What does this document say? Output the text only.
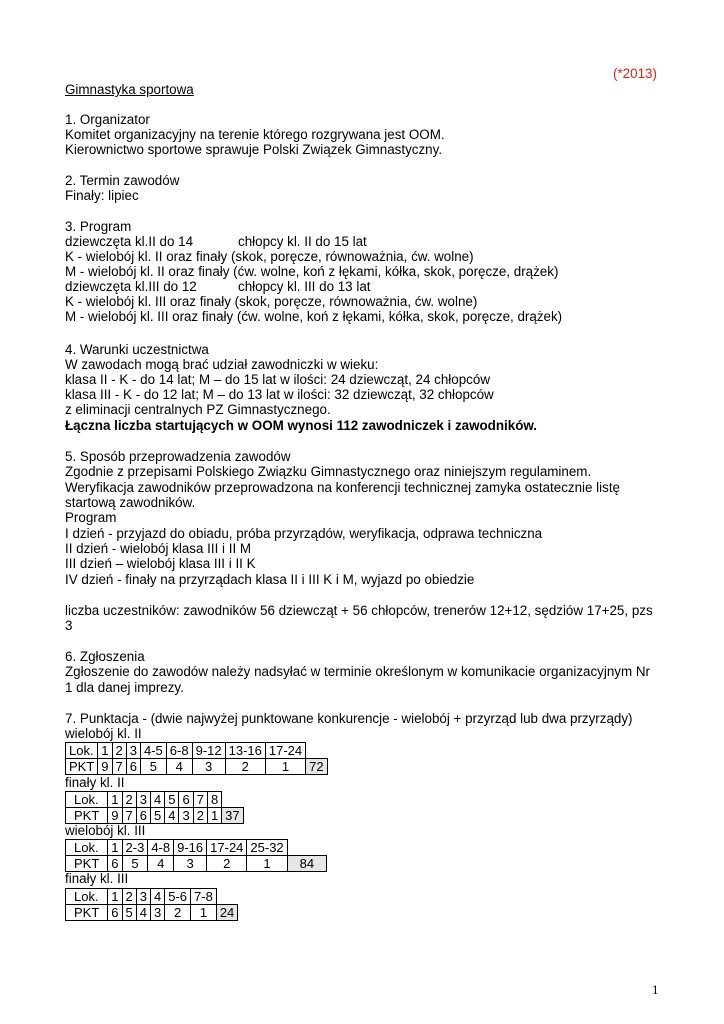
(*2013)
Gimnastyka sportowa
1. Organizator
Komitet organizacyjny na terenie którego rozgrywana jest OOM.
Kierownictwo sportowe sprawuje Polski Związek Gimnastyczny.
2. Termin zawodów
Finały: lipiec
3. Program
dziewczęta kl.II do 14	chłopcy kl. II do 15 lat
K - wielobój kl. II oraz finały (skok, poręcze, równoważnia, ćw. wolne)
M - wielobój kl. II oraz finały (ćw. wolne, koń z łękami, kółka, skok, poręcze, drążek)
dziewczęta kl.III do 12	chłopcy kl. III do 13 lat
K - wielobój kl. III oraz finały (skok, poręcze, równoważnia, ćw. wolne)
M - wielobój kl. III oraz finały (ćw. wolne, koń z łękami, kółka, skok, poręcze, drążek)
4. Warunki uczestnictwa
W zawodach mogą brać udział zawodniczki w wieku:
klasa II - K - do 14 lat; M – do 15 lat w ilości: 24 dziewcząt, 24 chłopców
klasa III - K - do 12 lat; M – do 13 lat w ilości: 32 dziewcząt, 32 chłopców
z eliminacji centralnych PZ Gimnastycznego.
Łączna liczba startujących w OOM wynosi 112 zawodniczek i zawodników.
5. Sposób przeprowadzenia zawodów
Zgodnie z przepisami Polskiego Związku Gimnastycznego oraz niniejszym regulaminem.
Weryfikacja zawodników przeprowadzona na konferencji technicznej zamyka ostatecznie listę
startową zawodników.
Program
I dzień - przyjazd do obiadu, próba przyrządów, weryfikacja, odprawa techniczna
II dzień - wielobój klasa III i II M
III dzień – wielobój klasa III i II K
IV dzień - finały na przyrządach klasa II i III K i M, wyjazd po obiedzie
liczba uczestników: zawodników 56 dziewcząt + 56 chłopców, trenerów 12+12, sędziów 17+25, pzs
3
6. Zgłoszenia
Zgłoszenie do zawodów należy nadsyłać w terminie określonym w komunikacie organizacyjnym Nr
1 dla danej imprezy.
7. Punktacja - (dwie najwyżej punktowane konkurencje - wielobój + przyrząd lub dwa przyrządy)
wielobój kl. II
Lok.	1	2	3	4-5	6-8	9-12	13-16	17-24	
PKT	9	7	6	5	4	3	2	1	72
finały kl. II
Lok.	1	2	3	4	5	6	7	8	
PKT	9	7	6	5	4	3	2	1	37
wielobój kl. III
Lok.	1	2-3	4-8	9-16	17-24	25-32	
PKT	6	5	4	3	2	1	84
finały kl. III
Lok.	1	2	3	4	5-6	7-8	
PKT	6	5	4	3	2	1	24
1
